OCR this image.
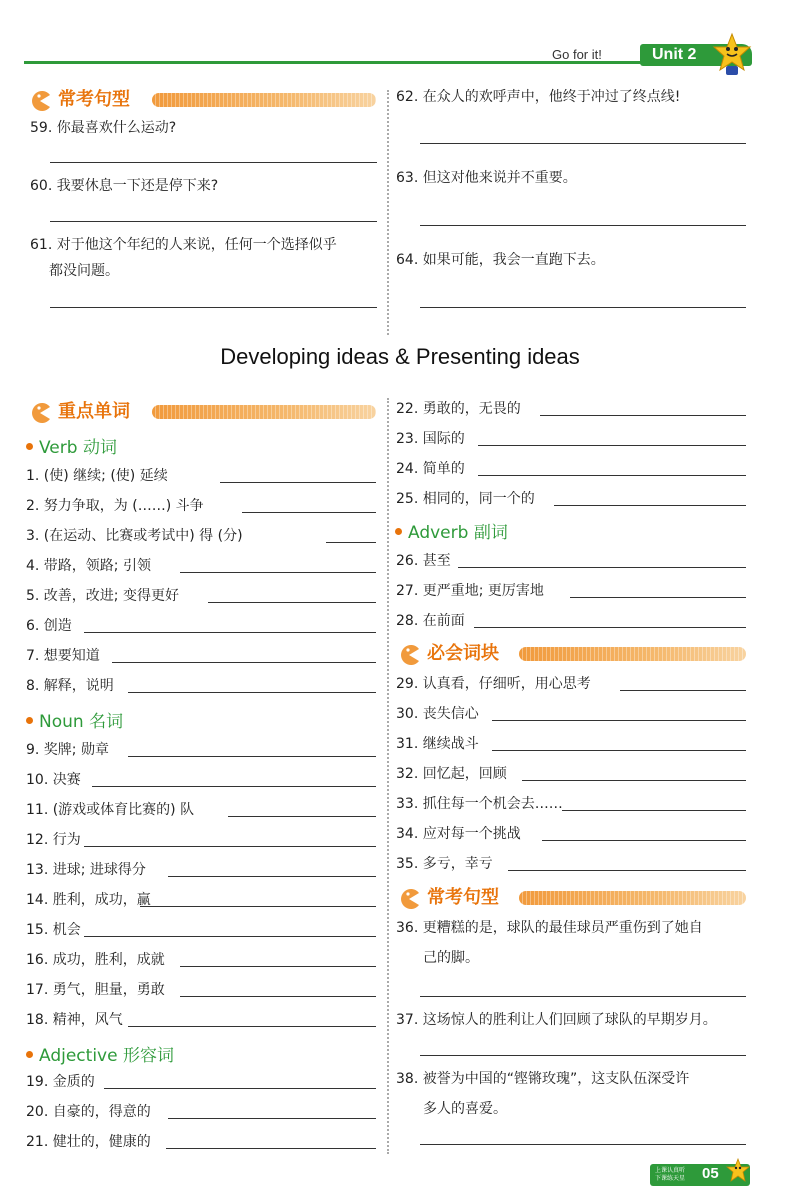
Go for it!	Unit 2
常考句型
59. 你最喜欢什么运动?
60. 我要休息一下还是停下来?
61. 对于他这个年纪的人来说，任何一个选择似乎
都没问题。
62. 在众人的欢呼声中，他终于冲过了终点线!
63. 但这对他来说并不重要。
64. 如果可能，我会一直跑下去。
Developing ideas & Presenting ideas
重点单词
Verb 动词
Noun 名词
Adjective 形容词
Adverb 副词
必会词块
常考句型
36. 更糟糕的是，球队的最佳球员严重伤到了她自
己的脚。
37. 这场惊人的胜利让人们回顾了球队的早期岁月。
38. 被誉为中国的“铿锵玫瑰”，这支队伍深受许
多人的喜爱。
上课认真听
下课练天星	05
1. (使) 继续; (使) 延续
2. 努力争取，为 (……) 斗争
3. (在运动、比赛或考试中) 得 (分)
4. 带路，领路; 引领
5. 改善，改进; 变得更好
6. 创造
7. 想要知道
8. 解释，说明
9. 奖牌; 勋章
10. 决赛
11. (游戏或体育比赛的) 队
12. 行为
13. 进球; 进球得分
14. 胜利，成功，赢
15. 机会
16. 成功，胜利，成就
17. 勇气，胆量，勇敢
18. 精神，风气
19. 金质的
20. 自豪的，得意的
21. 健壮的，健康的
22. 勇敢的，无畏的
23. 国际的
24. 简单的
25. 相同的，同一个的
26. 甚至
27. 更严重地; 更厉害地
28. 在前面
29. 认真看，仔细听，用心思考
30. 丧失信心
31. 继续战斗
32. 回忆起，回顾
33. 抓住每一个机会去……
34. 应对每一个挑战
35. 多亏，幸亏
